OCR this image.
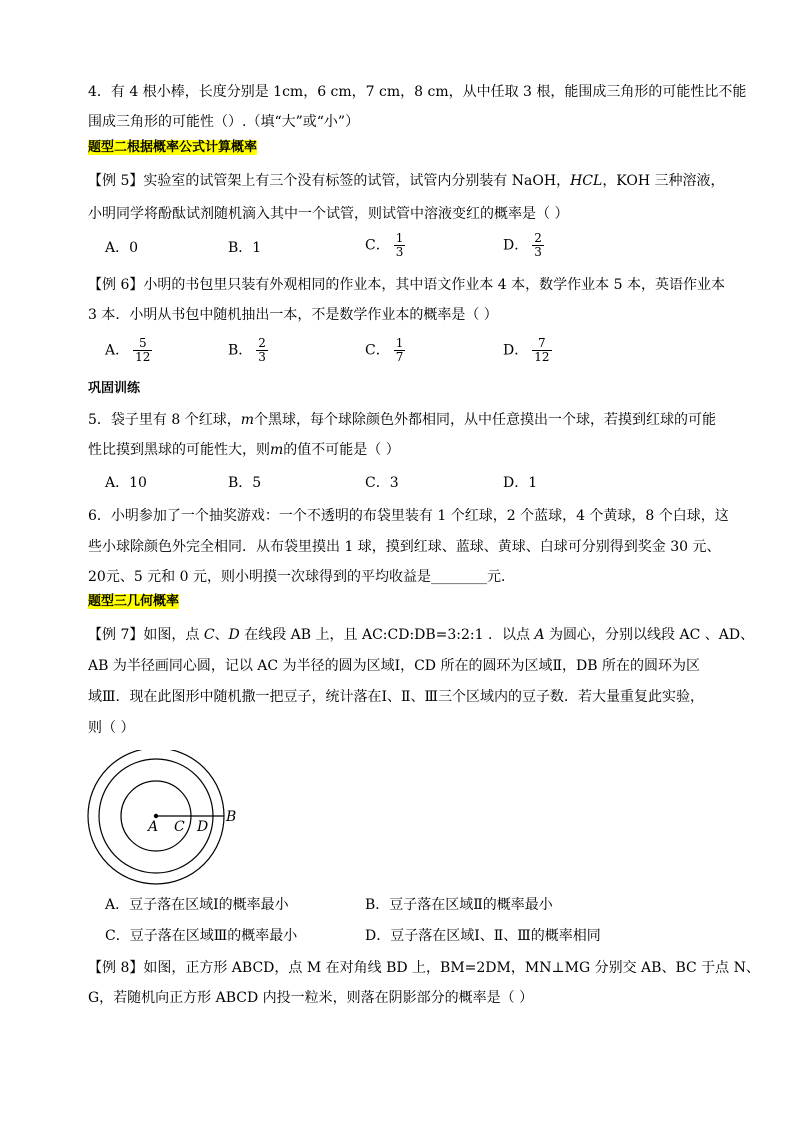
4．有 4 根小棒，长度分别是 1cm，6 cm，7 cm，8 cm，从中任取 3 根，能围成三角形的可能性比不能
围成三角形的可能性（）.（填“大”或“小”）
题型二根据概率公式计算概率
【例 5】实验室的试管架上有三个没有标签的试管，试管内分别装有 NaOH，HCL，KOH 三种溶液，
小明同学将酚酞试剂随机滴入其中一个试管，则试管中溶液变红的概率是（ ）
A．0	B．1	C． $\frac{1}{3}$	D． $\frac{2}{3}$
【例 6】小明的书包里只装有外观相同的作业本，其中语文作业本 4 本，数学作业本 5 本，英语作业本
3 本．小明从书包中随机抽出一本，不是数学作业本的概率是（ ）
A． $\frac{5}{12}$	B． $\frac{2}{3}$	C． $\frac{1}{7}$	D． $\frac{7}{12}$
巩固训练
5．袋子里有 8 个红球，m个黑球，每个球除颜色外都相同，从中任意摸出一个球，若摸到红球的可能
性比摸到黑球的可能性大，则m的值不可能是（ ）
A．10	B．5	C．3	D．1
6．小明参加了一个抽奖游戏：一个不透明的布袋里装有 1 个红球，2 个蓝球，4 个黄球，8 个白球，这
些小球除颜色外完全相同．从布袋里摸出 1 球，摸到红球、蓝球、黄球、白球可分别得到奖金 30 元、
20元、5 元和 0 元，则小明摸一次球得到的平均收益是________元．
题型三几何概率
【例 7】如图，点 C、D 在线段 AB 上，且 AC:CD:DB=3:2:1 ．以点 A 为圆心，分别以线段 AC 、AD、
AB 为半径画同心圆，记以 AC 为半径的圆为区域Ⅰ，CD 所在的圆环为区域Ⅱ，DB 所在的圆环为区
域Ⅲ．现在此图形中随机撒一把豆子，统计落在Ⅰ、Ⅱ、Ⅲ三个区域内的豆子数．若大量重复此实验，
则（ ）
A C D
B
A．豆子落在区域Ⅰ的概率最小	B．豆子落在区域Ⅱ的概率最小
C．豆子落在区域Ⅲ的概率最小	D．豆子落在区域Ⅰ、Ⅱ、Ⅲ的概率相同
【例 8】如图，正方形 ABCD，点 M 在对角线 BD 上，BM=2DM，MN⊥MG 分别交 AB、BC 于点 N、
G，若随机向正方形 ABCD 内投一粒米，则落在阴影部分的概率是（ ）
